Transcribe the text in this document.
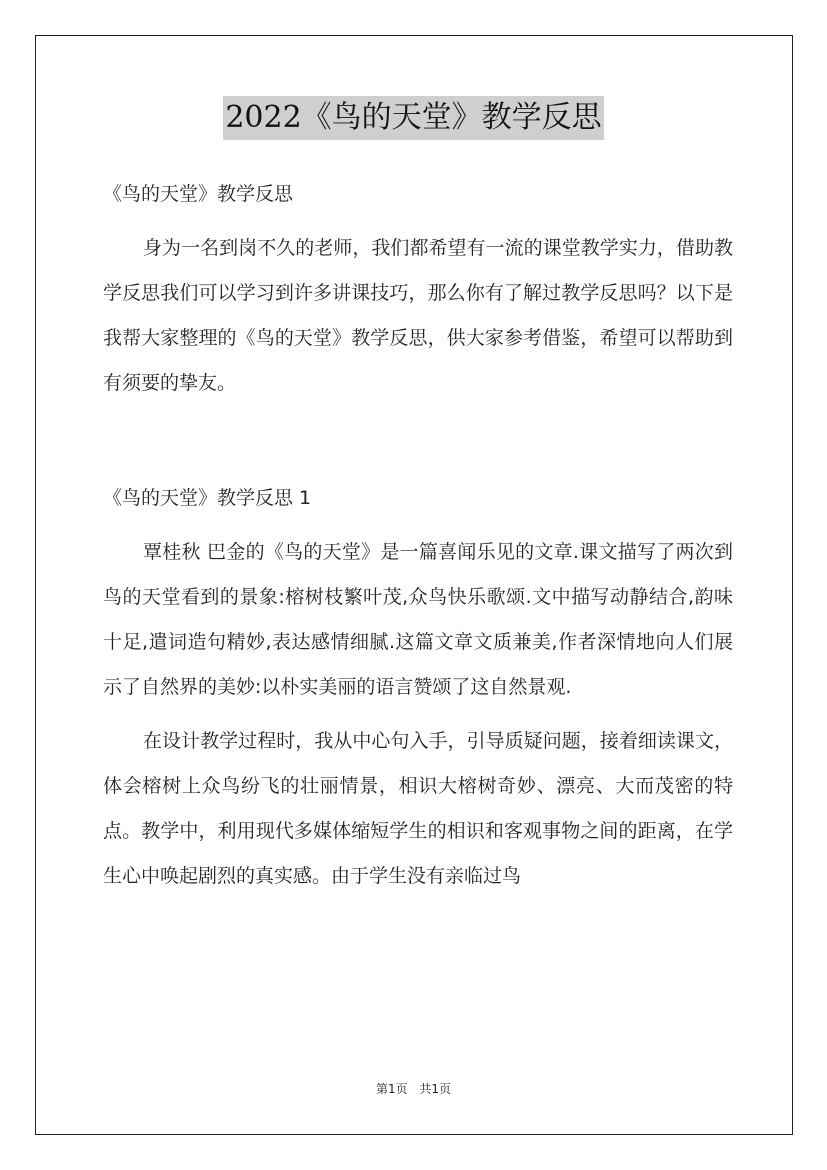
2022《鸟的天堂》教学反思

《鸟的天堂》教学反思

身为一名到岗不久的老师，我们都希望有一流的课堂教学实力，借助教学反思我们可以学习到许多讲课技巧，那么你有了解过教学反思吗？以下是我帮大家整理的《鸟的天堂》教学反思，供大家参考借鉴，希望可以帮助到有须要的挚友。

《鸟的天堂》教学反思 1

覃桂秋 巴金的《鸟的天堂》是一篇喜闻乐见的文章.课文描写了两次到鸟的天堂看到的景象:榕树枝繁叶茂,众鸟快乐歌颂.文中描写动静结合,韵味十足,遣词造句精妙,表达感情细腻.这篇文章文质兼美,作者深情地向人们展示了自然界的美妙:以朴实美丽的语言赞颂了这自然景观.

在设计教学过程时，我从中心句入手，引导质疑问题，接着细读课文，体会榕树上众鸟纷飞的壮丽情景，相识大榕树奇妙、漂亮、大而茂密的特点。教学中，利用现代多媒体缩短学生的相识和客观事物之间的距离，在学生心中唤起剧烈的真实感。由于学生没有亲临过鸟

第1页 共1页
